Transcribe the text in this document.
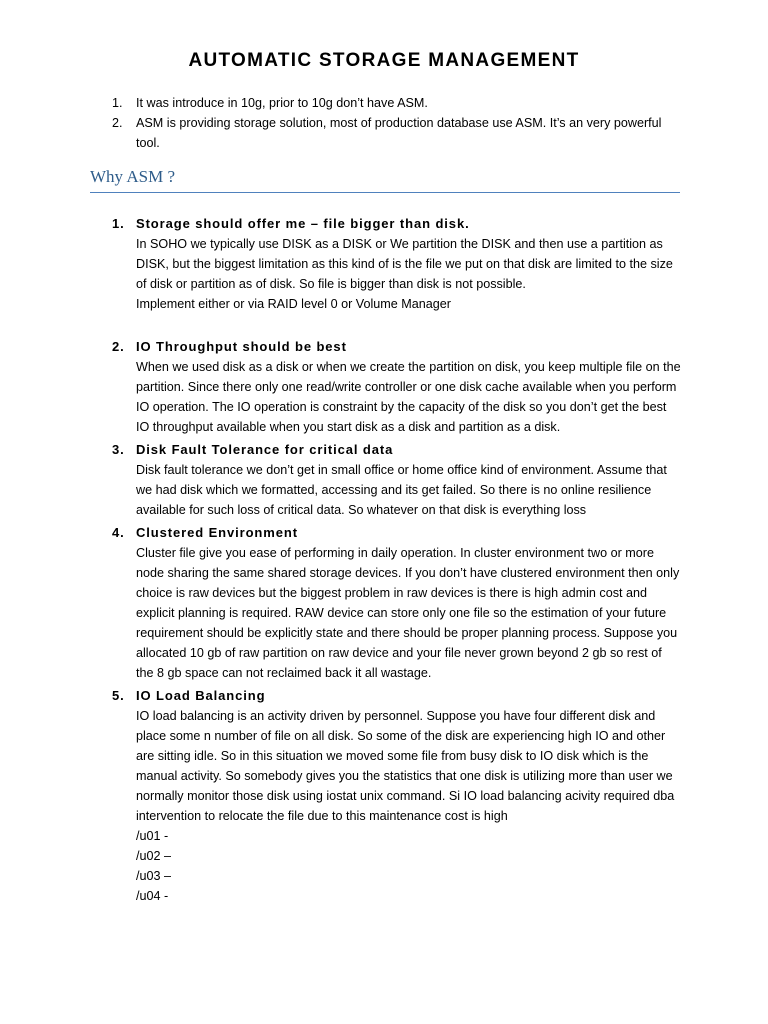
AUTOMATIC STORAGE MANAGEMENT
1. It was introduce in 10g, prior to 10g don’t have ASM.
2. ASM is providing storage solution, most of production database use ASM. It’s an very powerful tool.
Why ASM ?
1. Storage should offer me – file bigger than disk.

In SOHO we typically use DISK as a DISK or We partition the DISK and then use a partition as DISK, but the biggest limitation as this kind of is the file we put on that disk are limited to the size of disk or partition as of disk. So file is bigger than disk is not possible.

Implement either or via RAID level 0 or Volume Manager

2. IO Throughput should be best

When we used disk as a disk or when we create the partition on disk, you keep multiple file on the partition. Since there only one read/write controller or one disk cache available when you perform IO operation. The IO operation is constraint by the capacity of the disk so you don’t get the best IO throughput available when you start disk as a disk and partition as a disk.

3. Disk Fault Tolerance for critical data

Disk fault tolerance we don’t get in small office or home office kind of environment. Assume that we had disk which we formatted, accessing and its get failed. So there is no online resilience available for such loss of critical data. So whatever on that disk is everything loss

4. Clustered Environment

Cluster file give you ease of performing in daily operation. In cluster environment two or more node sharing the same shared storage devices. If you don’t have clustered environment then only choice is raw devices but the biggest problem in raw devices is there is high admin cost and explicit planning is required. RAW device can store only one file so the estimation of your future requirement should be explicitly state and there should be proper planning process. Suppose you allocated 10 gb of raw partition on raw device and your file never grown beyond 2 gb so rest of the 8 gb space can not reclaimed back it all wastage.

5. IO Load Balancing

IO load balancing is an activity driven by personnel. Suppose you have four different disk and place some n number of file on all disk. So some of the disk are experiencing high IO and other are sitting idle. So in this situation we moved some file from busy disk to IO disk which is the manual activity. So somebody gives you the statistics that one disk is utilizing more than user we normally monitor those disk using iostat unix command. Si IO load balancing acivity required dba intervention to relocate the file due to this maintenance cost is high

/u01 -
/u02 –
/u03 –
/u04 -
